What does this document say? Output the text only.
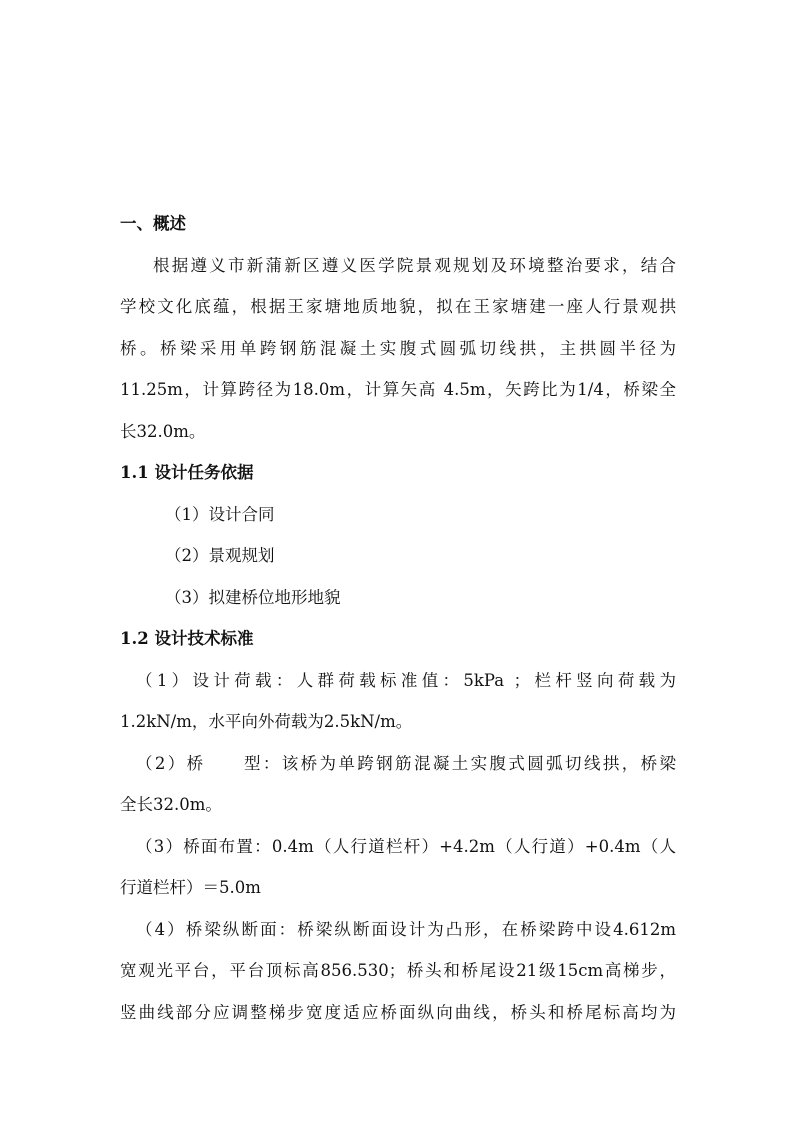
一、概述
根据遵义市新蒲新区遵义医学院景观规划及环境整治要求，结合
学校文化底蕴，根据王家塘地质地貌，拟在王家塘建一座人行景观拱
桥。桥梁采用单跨钢筋混凝土实腹式圆弧切线拱，主拱圆半径为
11.25m，计算跨径为18.0m，计算矢高 4.5m，矢跨比为1/4，桥梁全
长32.0m。
1.1 设计任务依据
（1）设计合同
（2）景观规划
（3）拟建桥位地形地貌
1.2 设计技术标准
（1）设计荷载：人群荷载标准值：5kPa ；栏杆竖向荷载为
1.2kN/m，水平向外荷载为2.5kN/m。
（2）桥 型：该桥为单跨钢筋混凝土实腹式圆弧切线拱，桥梁
全长32.0m。
（3）桥面布置：0.4m（人行道栏杆）+4.2m（人行道）+0.4m（人
行道栏杆）＝5.0m
（4）桥梁纵断面：桥梁纵断面设计为凸形，在桥梁跨中设4.612m
宽观光平台，平台顶标高856.530；桥头和桥尾设21级15cm高梯步，
竖曲线部分应调整梯步宽度适应桥面纵向曲线，桥头和桥尾标高均为
